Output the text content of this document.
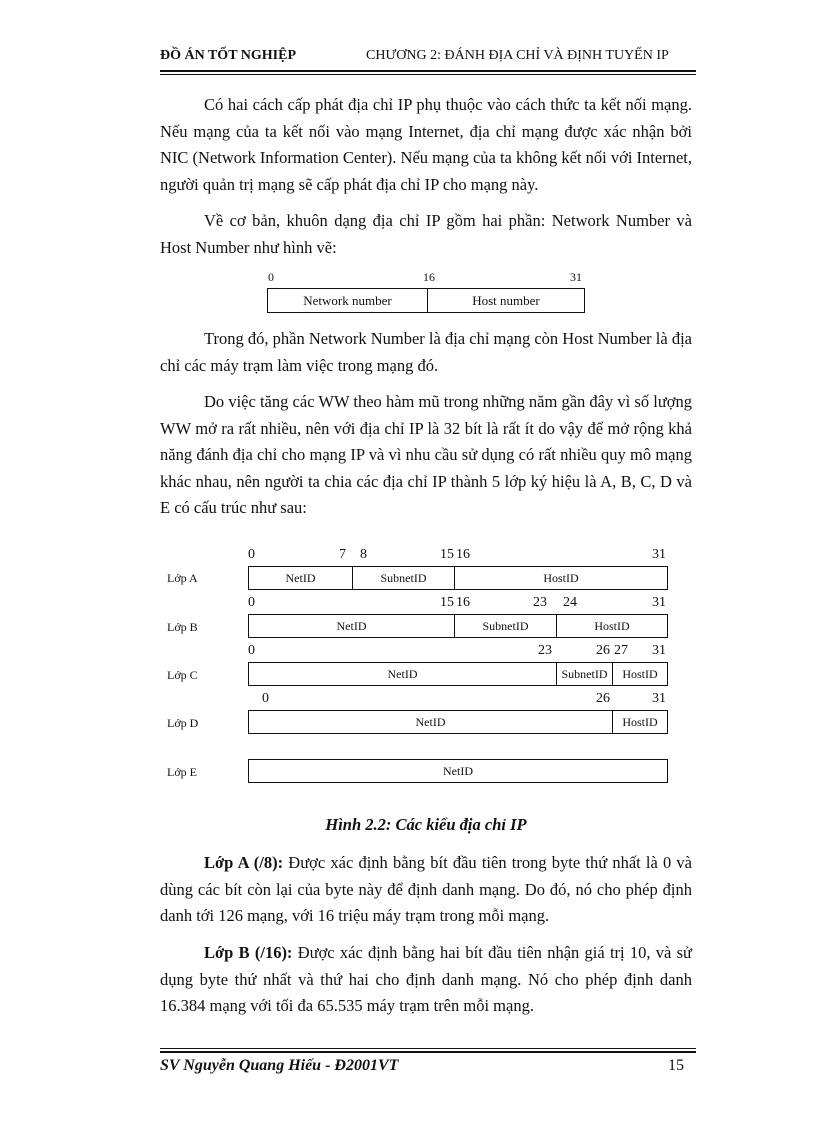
ĐỒ ÁN TỐT NGHIỆP	CHƯƠNG 2: ĐÁNH ĐỊA CHỈ VÀ ĐỊNH TUYẾN IP
Có hai cách cấp phát địa chỉ IP phụ thuộc vào cách thức ta kết nối mạng. Nếu mạng của ta kết nối vào mạng Internet, địa chỉ mạng được xác nhận bởi NIC (Network Information Center). Nếu mạng của ta không kết nối với Internet, người quản trị mạng sẽ cấp phát địa chỉ IP cho mạng này.
Về cơ bản, khuôn dạng địa chỉ IP gồm hai phần: Network Number và Host Number như hình vẽ:
0	16	31
Network number	Host number
Trong đó, phần Network Number là địa chỉ mạng còn Host Number là địa chỉ các máy trạm làm việc trong mạng đó.
Do việc tăng các WW theo hàm mũ trong những năm gần đây vì số lượng WW mở ra rất nhiều, nên với địa chỉ IP là 32 bít là rất ít do vậy để mở rộng khả năng đánh địa chỉ cho mạng IP và vì nhu cầu sử dụng có rất nhiều quy mô mạng khác nhau, nên người ta chia các địa chỉ IP thành 5 lớp ký hiệu là A, B, C, D và E có cấu trúc như sau:
0	7 8	15 16	31
Lớp A	NetID	SubnetID	HostID
0	15 16	23 24	31
Lớp B	NetID	SubnetID	HostID
0	23	26 27 31
Lớp C	NetID	SubnetID	HostID
0	26	31
Lớp D	NetID	HostID
Lớp E	NetID
Hình 2.2: Các kiểu địa chỉ IP
Lớp A (/8): Được xác định bằng bít đầu tiên trong byte thứ nhất là 0 và dùng các bít còn lại của byte này để định danh mạng. Do đó, nó cho phép định danh tới 126 mạng, với 16 triệu máy trạm trong mỗi mạng.
Lớp B (/16): Được xác định bằng hai bít đầu tiên nhận giá trị 10, và sử dụng byte thứ nhất và thứ hai cho định danh mạng. Nó cho phép định danh 16.384 mạng với tối đa 65.535 máy trạm trên mỗi mạng.
SV Nguyễn Quang Hiếu - Đ2001VT	15
